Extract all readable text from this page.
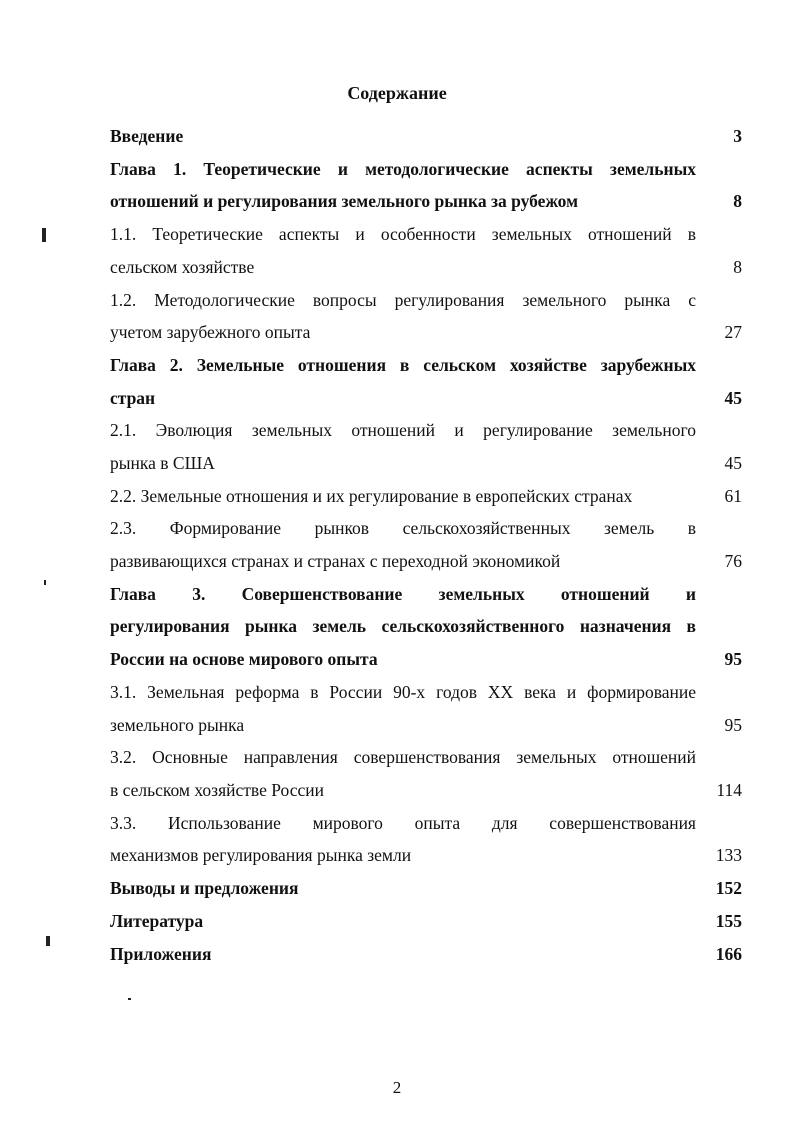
Содержание
Введение	3
Глава 1. Теоретические и методологические аспекты земельных
отношений и регулирования земельного рынка за рубежом	8
1.1. Теоретические аспекты и особенности земельных отношений в
сельском хозяйстве	8
1.2. Методологические вопросы регулирования земельного рынка с
учетом зарубежного опыта	27
Глава 2. Земельные отношения в сельском хозяйстве зарубежных
стран	45
2.1. Эволюция земельных отношений и регулирование земельного
рынка в США	45
2.2. Земельные отношения и их регулирование в европейских странах	61
2.3. Формирование рынков сельскохозяйственных земель в
развивающихся странах и странах с переходной экономикой	76
Глава 3. Совершенствование земельных отношений и
регулирования рынка земель сельскохозяйственного назначения в
России на основе мирового опыта	95
3.1. Земельная реформа в России 90-х годов XX века и формирование
земельного рынка	95
3.2. Основные направления совершенствования земельных отношений
в сельском хозяйстве России	114
3.3. Использование мирового опыта для совершенствования
механизмов регулирования рынка земли	133
Выводы и предложения	152
Литература	155
Приложения	166
2
